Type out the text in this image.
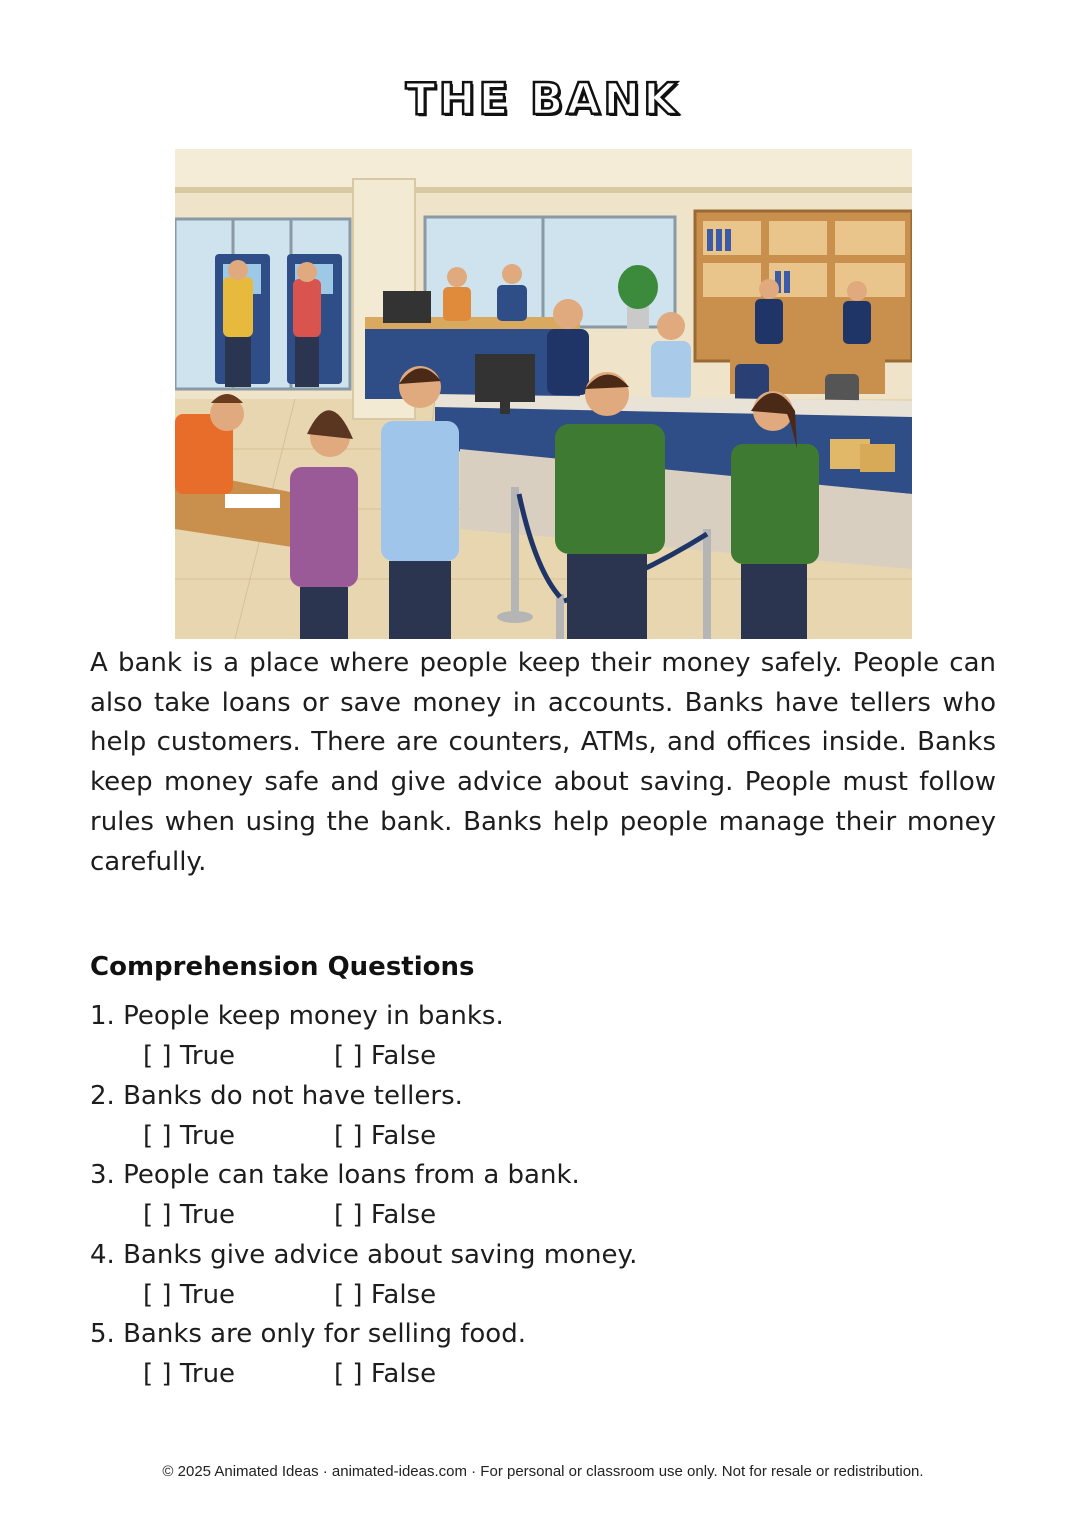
THE BANK
A bank is a place where people keep their money safely. People can also take loans or save money in accounts. Banks have tellers who help customers. There are counters, ATMs, and offices inside. Banks keep money safe and give advice about saving. People must follow rules when using the bank. Banks help people manage their money carefully.
Comprehension Questions
1. People keep money in banks.
[ ] True	[ ] False
2. Banks do not have tellers.
[ ] True	[ ] False
3. People can take loans from a bank.
[ ] True	[ ] False
4. Banks give advice about saving money.
[ ] True	[ ] False
5. Banks are only for selling food.
[ ] True	[ ] False
© 2025 Animated Ideas · animated-ideas.com · For personal or classroom use only. Not for resale or redistribution.
